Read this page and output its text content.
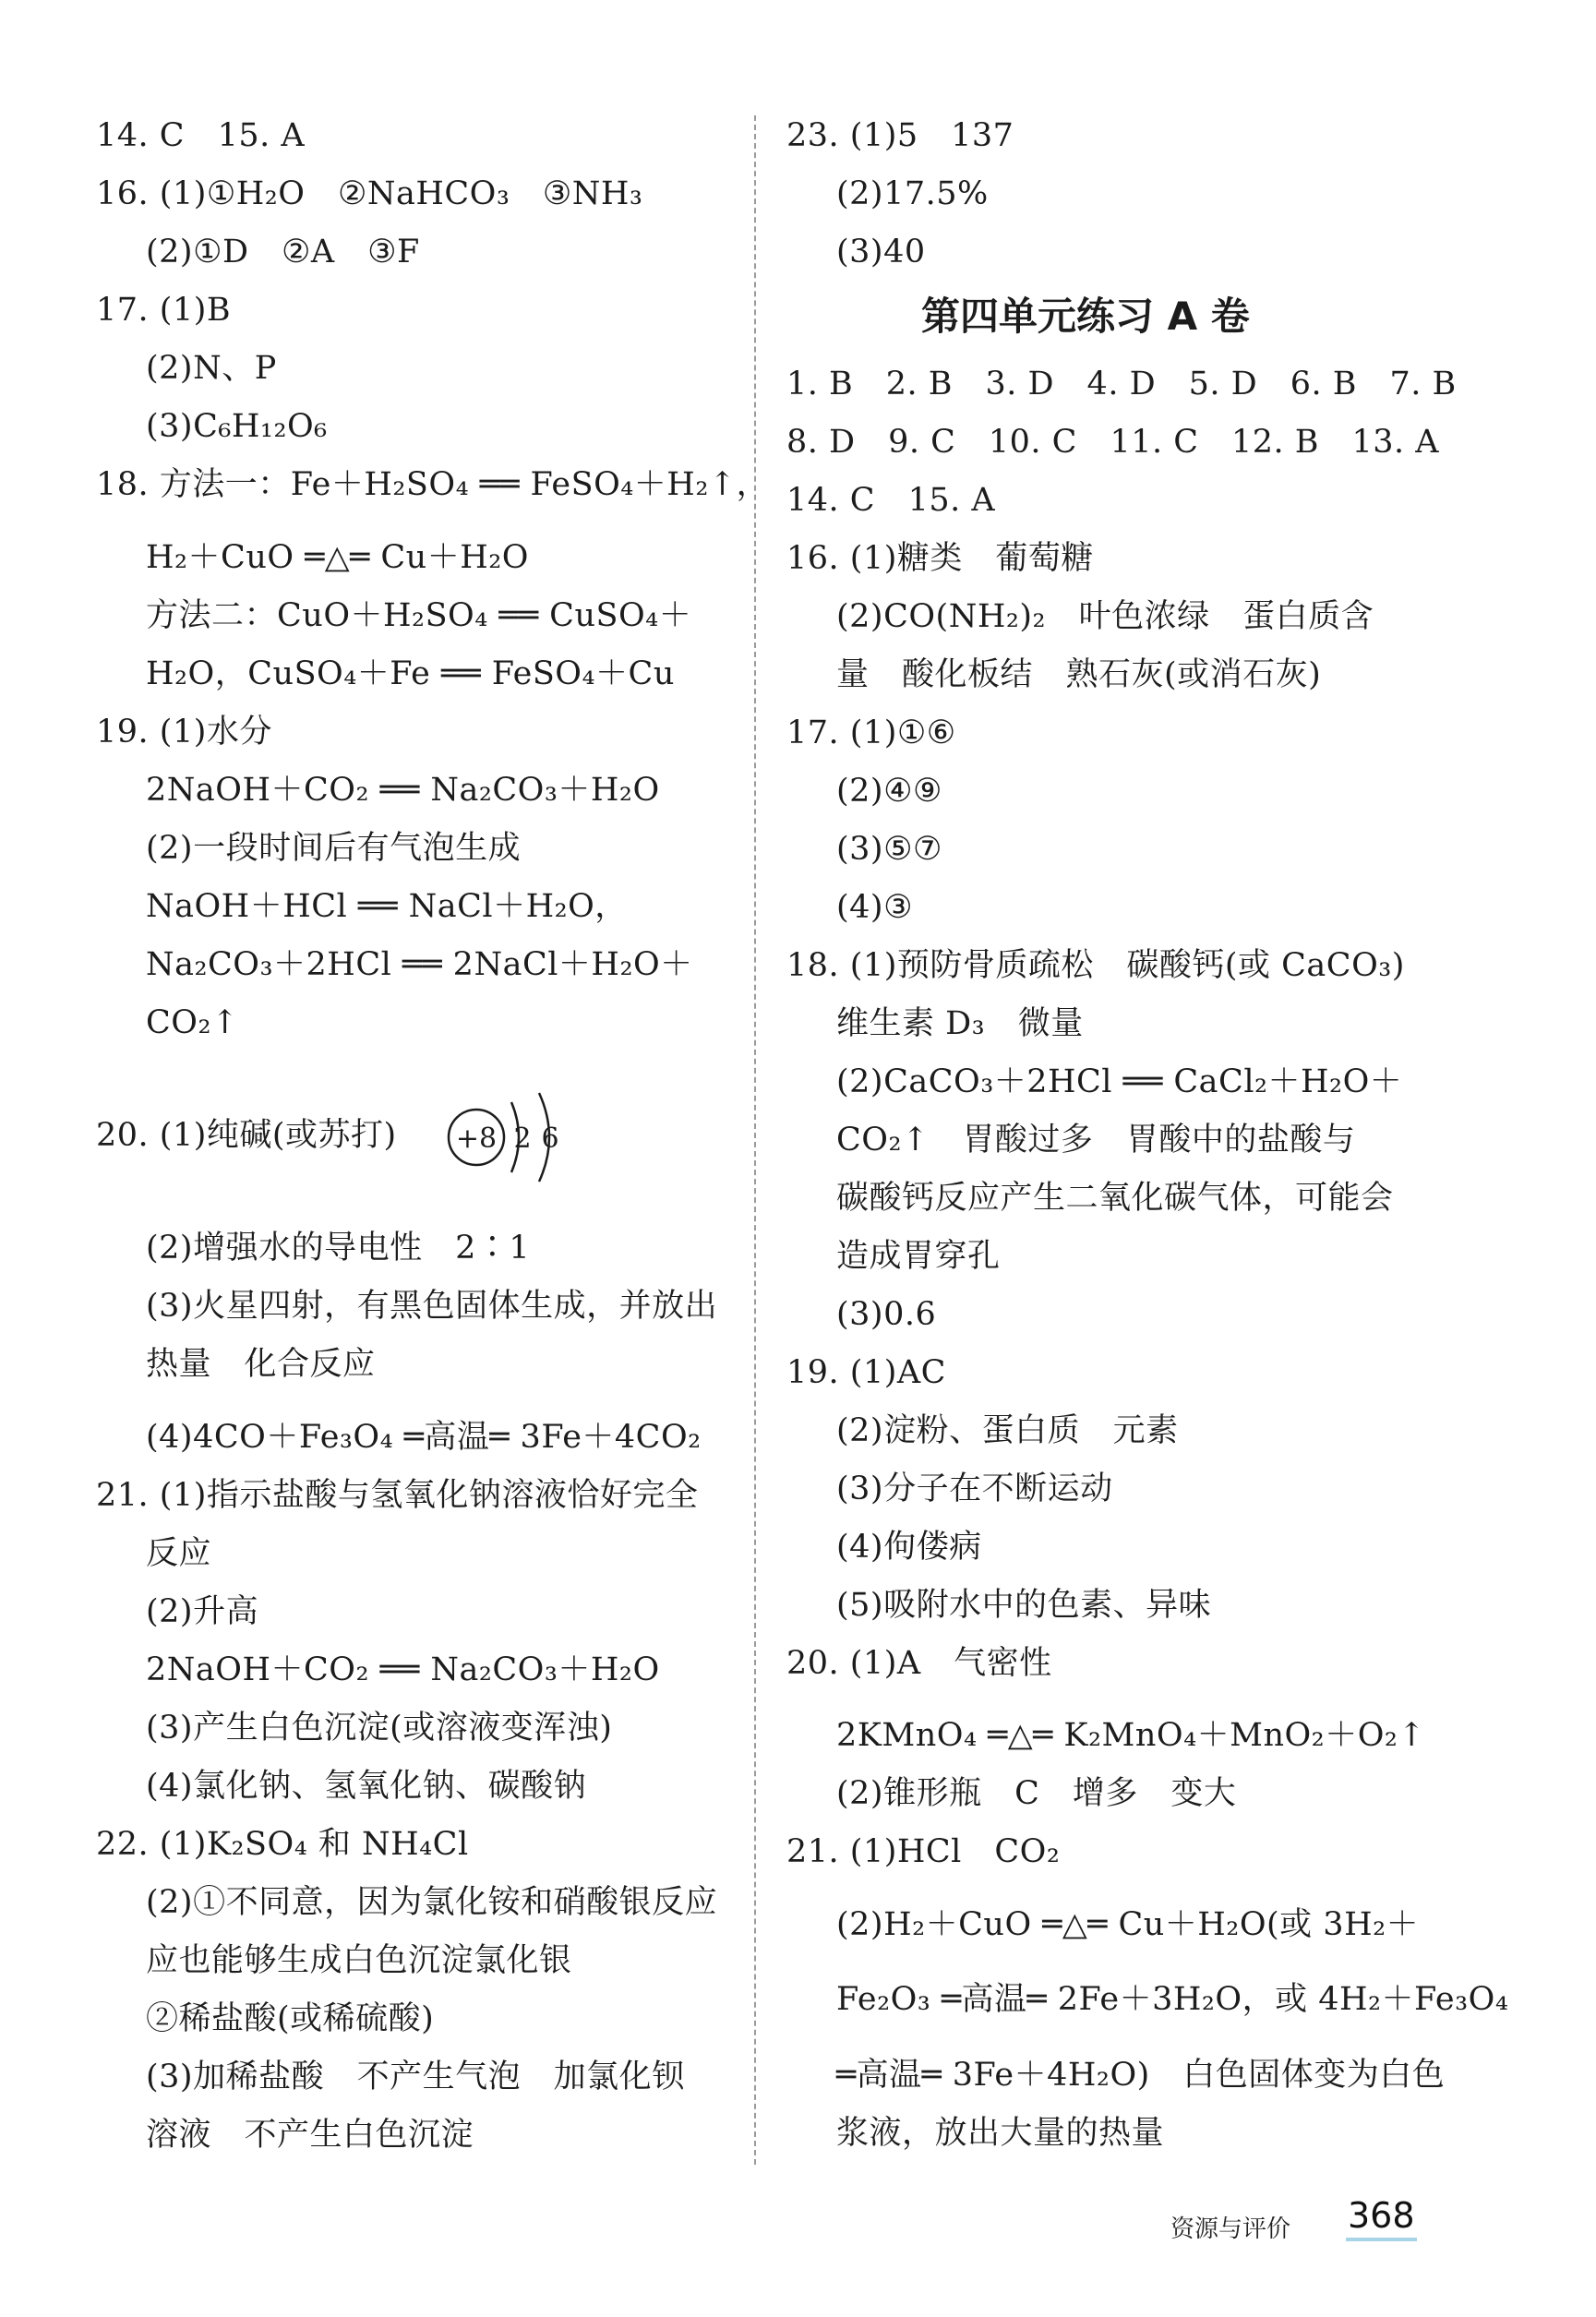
14. C　15. A
16. (1)①H₂O　②NaHCO₃　③NH₃
(2)①D　②A　③F
17. (1)B
(2)N、P
(3)C₆H₁₂O₆
18. 方法一：Fe＋H₂SO₄ ══ FeSO₄＋H₂↑，
H₂＋CuO ═△═ Cu＋H₂O
方法二：CuO＋H₂SO₄ ══ CuSO₄＋
H₂O，CuSO₄＋Fe ══ FeSO₄＋Cu
19. (1)水分
2NaOH＋CO₂ ══ Na₂CO₃＋H₂O
(2)一段时间后有气泡生成
NaOH＋HCl ══ NaCl＋H₂O，
Na₂CO₃＋2HCl ══ 2NaCl＋H₂O＋
CO₂↑
20. (1)纯碱(或苏打) +8 2 6
(2)增强水的导电性　2∶1
(3)火星四射，有黑色固体生成，并放出
热量　化合反应
(4)4CO＋Fe₃O₄ ═高温═ 3Fe＋4CO₂
21. (1)指示盐酸与氢氧化钠溶液恰好完全
反应
(2)升高
2NaOH＋CO₂ ══ Na₂CO₃＋H₂O
(3)产生白色沉淀(或溶液变浑浊)
(4)氯化钠、氢氧化钠、碳酸钠
22. (1)K₂SO₄ 和 NH₄Cl
(2)①不同意，因为氯化铵和硝酸银反应
应也能够生成白色沉淀氯化银
②稀盐酸(或稀硫酸)
(3)加稀盐酸　不产生气泡　加氯化钡
溶液　不产生白色沉淀
23. (1)5　137
(2)17.5%
(3)40
第四单元练习 A 卷
1. B　2. B　3. D　4. D　5. D　6. B　7. B
8. D　9. C　10. C　11. C　12. B　13. A
14. C　15. A
16. (1)糖类　葡萄糖
(2)CO(NH₂)₂　叶色浓绿　蛋白质含
量　酸化板结　熟石灰(或消石灰)
17. (1)①⑥
(2)④⑨
(3)⑤⑦
(4)③
18. (1)预防骨质疏松　碳酸钙(或 CaCO₃)
维生素 D₃　微量
(2)CaCO₃＋2HCl ══ CaCl₂＋H₂O＋
CO₂↑　胃酸过多　胃酸中的盐酸与
碳酸钙反应产生二氧化碳气体，可能会
造成胃穿孔
(3)0.6
19. (1)AC
(2)淀粉、蛋白质　元素
(3)分子在不断运动
(4)佝偻病
(5)吸附水中的色素、异味
20. (1)A　气密性
2KMnO₄ ═△═ K₂MnO₄＋MnO₂＋O₂↑
(2)锥形瓶　C　增多　变大
21. (1)HCl　CO₂
(2)H₂＋CuO ═△═ Cu＋H₂O(或 3H₂＋
Fe₂O₃ ═高温═ 2Fe＋3H₂O，或 4H₂＋Fe₃O₄
═高温═ 3Fe＋4H₂O)　白色固体变为白色
浆液，放出大量的热量
资源与评价 368
